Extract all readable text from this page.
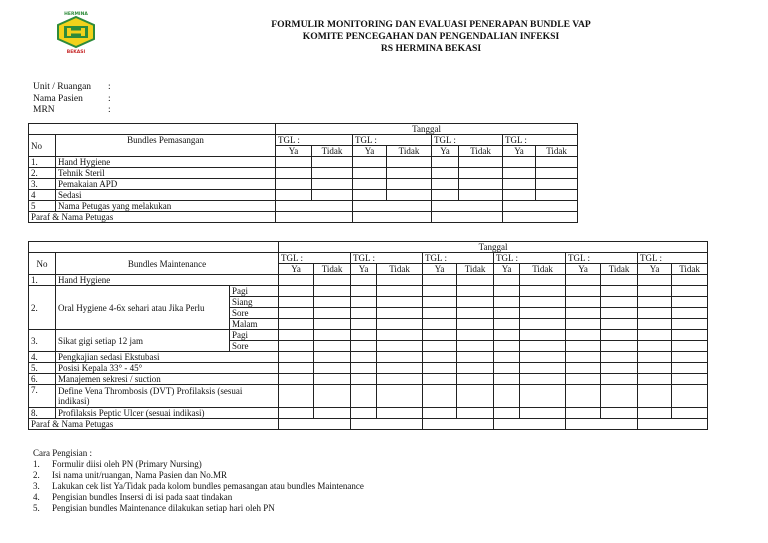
HERMINA
BEKASI
FORMULIR MONITORING DAN EVALUASI PENERAPAN BUNDLE VAP
KOMITE PENCEGAHAN DAN PENGENDALIAN INFEKSI
RS HERMINA BEKASI
Unit / Ruangan	:
Nama Pasien	:
MRN	:
		Tanggal							
No	Bundles Pemasangan	TGL :		TGL :		TGL :		TGL :	
		Ya	Tidak	Ya	Tidak	Ya	Tidak	Ya	Tidak
1.	Hand Hygiene								
2.	Tehnik Steril								
3.	Pemakaian APD								
4	Sedasi								
5	Nama Petugas yang melakukan								
Paraf & Nama Petugas									
			Tanggal											
No	Bundles Maintenance		TGL :		TGL :		TGL :		TGL :		TGL :		TGL :	
			Ya	Tidak	Ya	Tidak	Ya	Tidak	Ya	Tidak	Ya	Tidak	Ya	Tidak
1.	Hand Hygiene													
2.	Oral Hygiene 4-6x sehari atau Jika Perlu	Pagi												
		Siang												
		Sore												
		Malam												
3.	Sikat gigi setiap 12 jam	Pagi												
		Sore												
4.	Pengkajian sedasi Ekstubasi													
5.	Posisi Kepala 33° - 45°													
6.	Manajemen sekresi / suction													
7.	Define Vena Thrombosis (DVT) Profilaksis (sesuai indikasi)													
8.	Profilaksis Peptic Ulcer (sesuai indikasi)													
Paraf & Nama Petugas														
Cara Pengisian :
1.	Formulir diisi oleh PN (Primary Nursing)
2.	Isi nama unit/ruangan, Nama Pasien dan No.MR
3.	Lakukan cek list Ya/Tidak pada kolom bundles pemasangan atau bundles Maintenance
4.	Pengisian bundles Insersi di isi pada saat tindakan
5.	Pengisian bundles Maintenance dilakukan setiap hari oleh PN
